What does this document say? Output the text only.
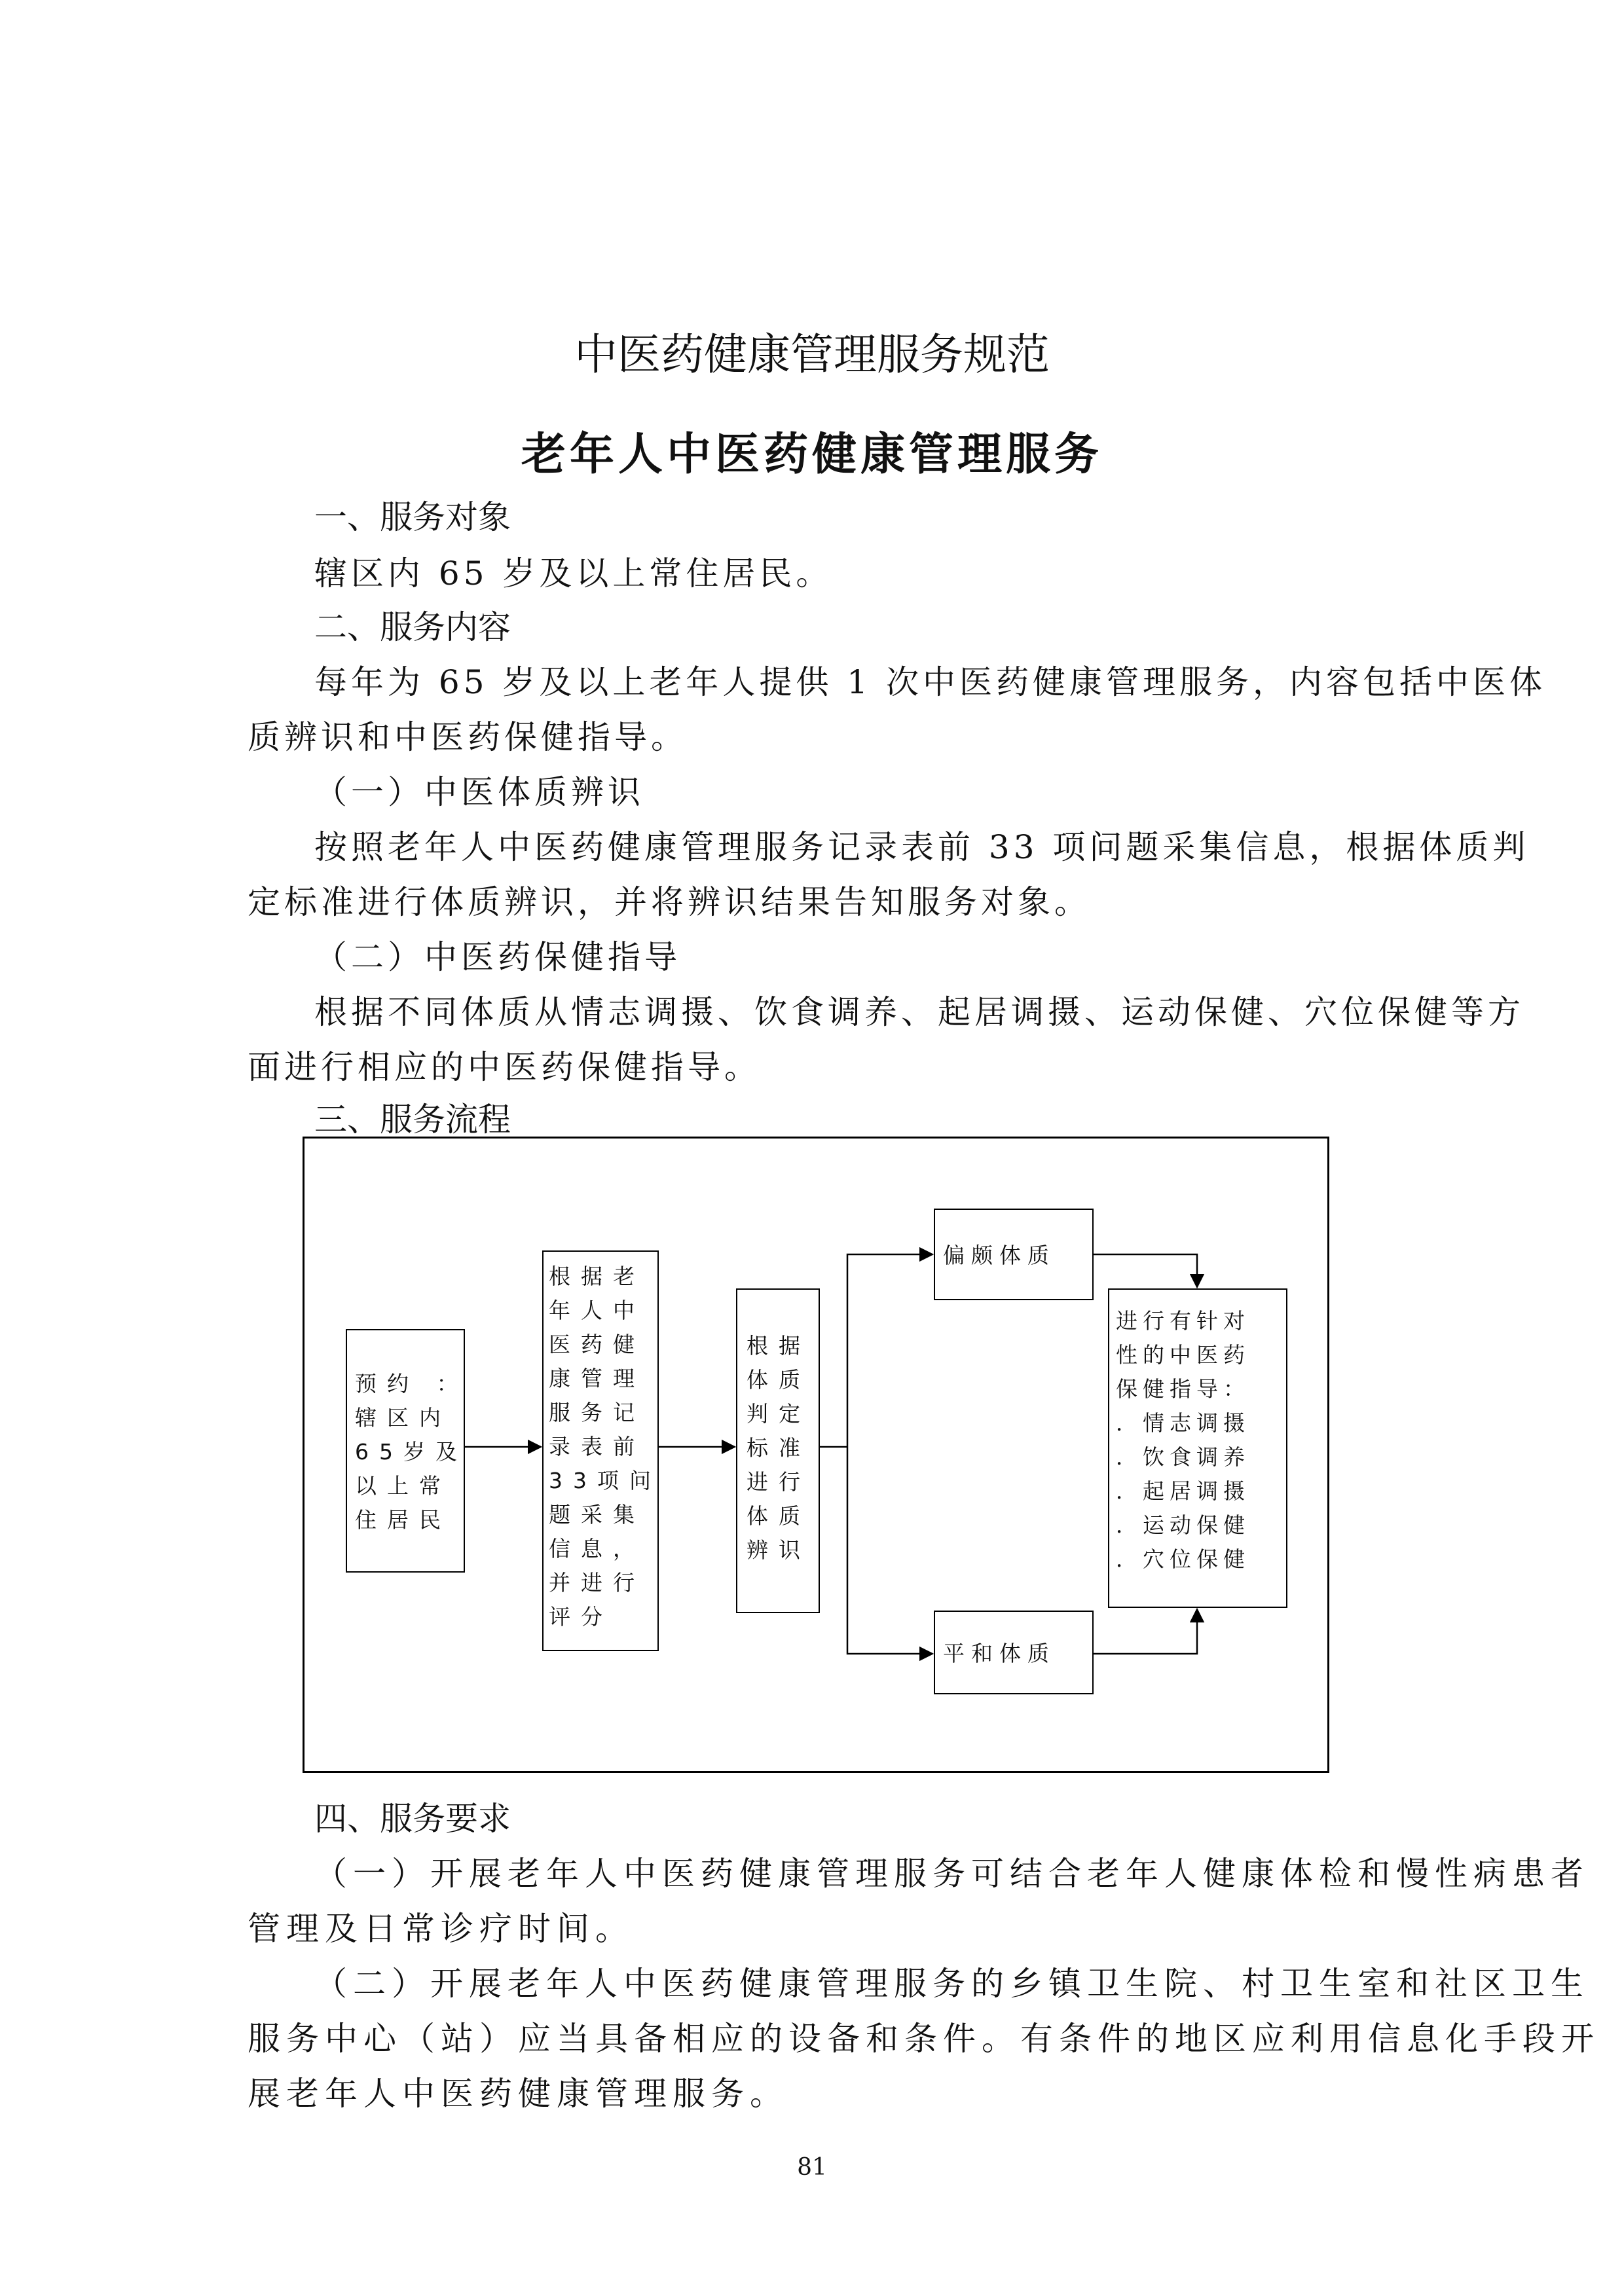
中医药健康管理服务规范
老年人中医药健康管理服务
一、服务对象
辖区内 65 岁及以上常住居民。
二、服务内容
每年为 65 岁及以上老年人提供 1 次中医药健康管理服务，内容包括中医体
质辨识和中医药保健指导。
（一）中医体质辨识
按照老年人中医药健康管理服务记录表前 33 项问题采集信息，根据体质判
定标准进行体质辨识，并将辨识结果告知服务对象。
（二）中医药保健指导
根据不同体质从情志调摄、饮食调养、起居调摄、运动保健、穴位保健等方
面进行相应的中医药保健指导。
三、服务流程
预约 ：
辖区内
65岁及
以上常
住居民
根据老
年人中
医药健
康管理
服务记
录表前
33项问
题采集
信息，
并进行
评分
根据
体质
判定
标准
进行
体质
辨识
偏颇体质
平和体质
进行有针对
性的中医药
保健指导：
．情志调摄
．饮食调养
．起居调摄
．运动保健
．穴位保健
四、服务要求
（一）开展老年人中医药健康管理服务可结合老年人健康体检和慢性病患者
管理及日常诊疗时间。
（二）开展老年人中医药健康管理服务的乡镇卫生院、村卫生室和社区卫生
服务中心（站）应当具备相应的设备和条件。有条件的地区应利用信息化手段开
展老年人中医药健康管理服务。
81
